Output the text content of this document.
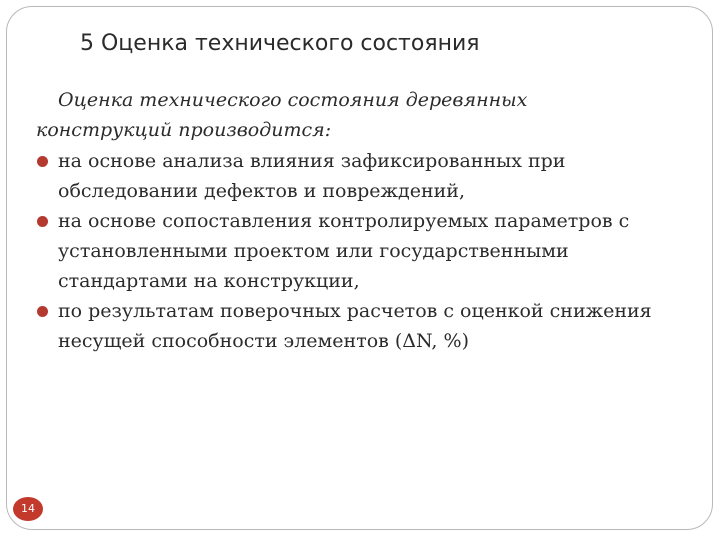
5 Оценка технического состояния
Оценка технического состояния деревянных
конструкций производится:
на основе анализа влияния зафиксированных при обследовании дефектов и повреждений,
на основе сопоставления контролируемых параметров с установленными проектом или государственными стандартами на конструкции,
по результатам поверочных расчетов с оценкой снижения несущей способности элементов (ΔN, %)
14
